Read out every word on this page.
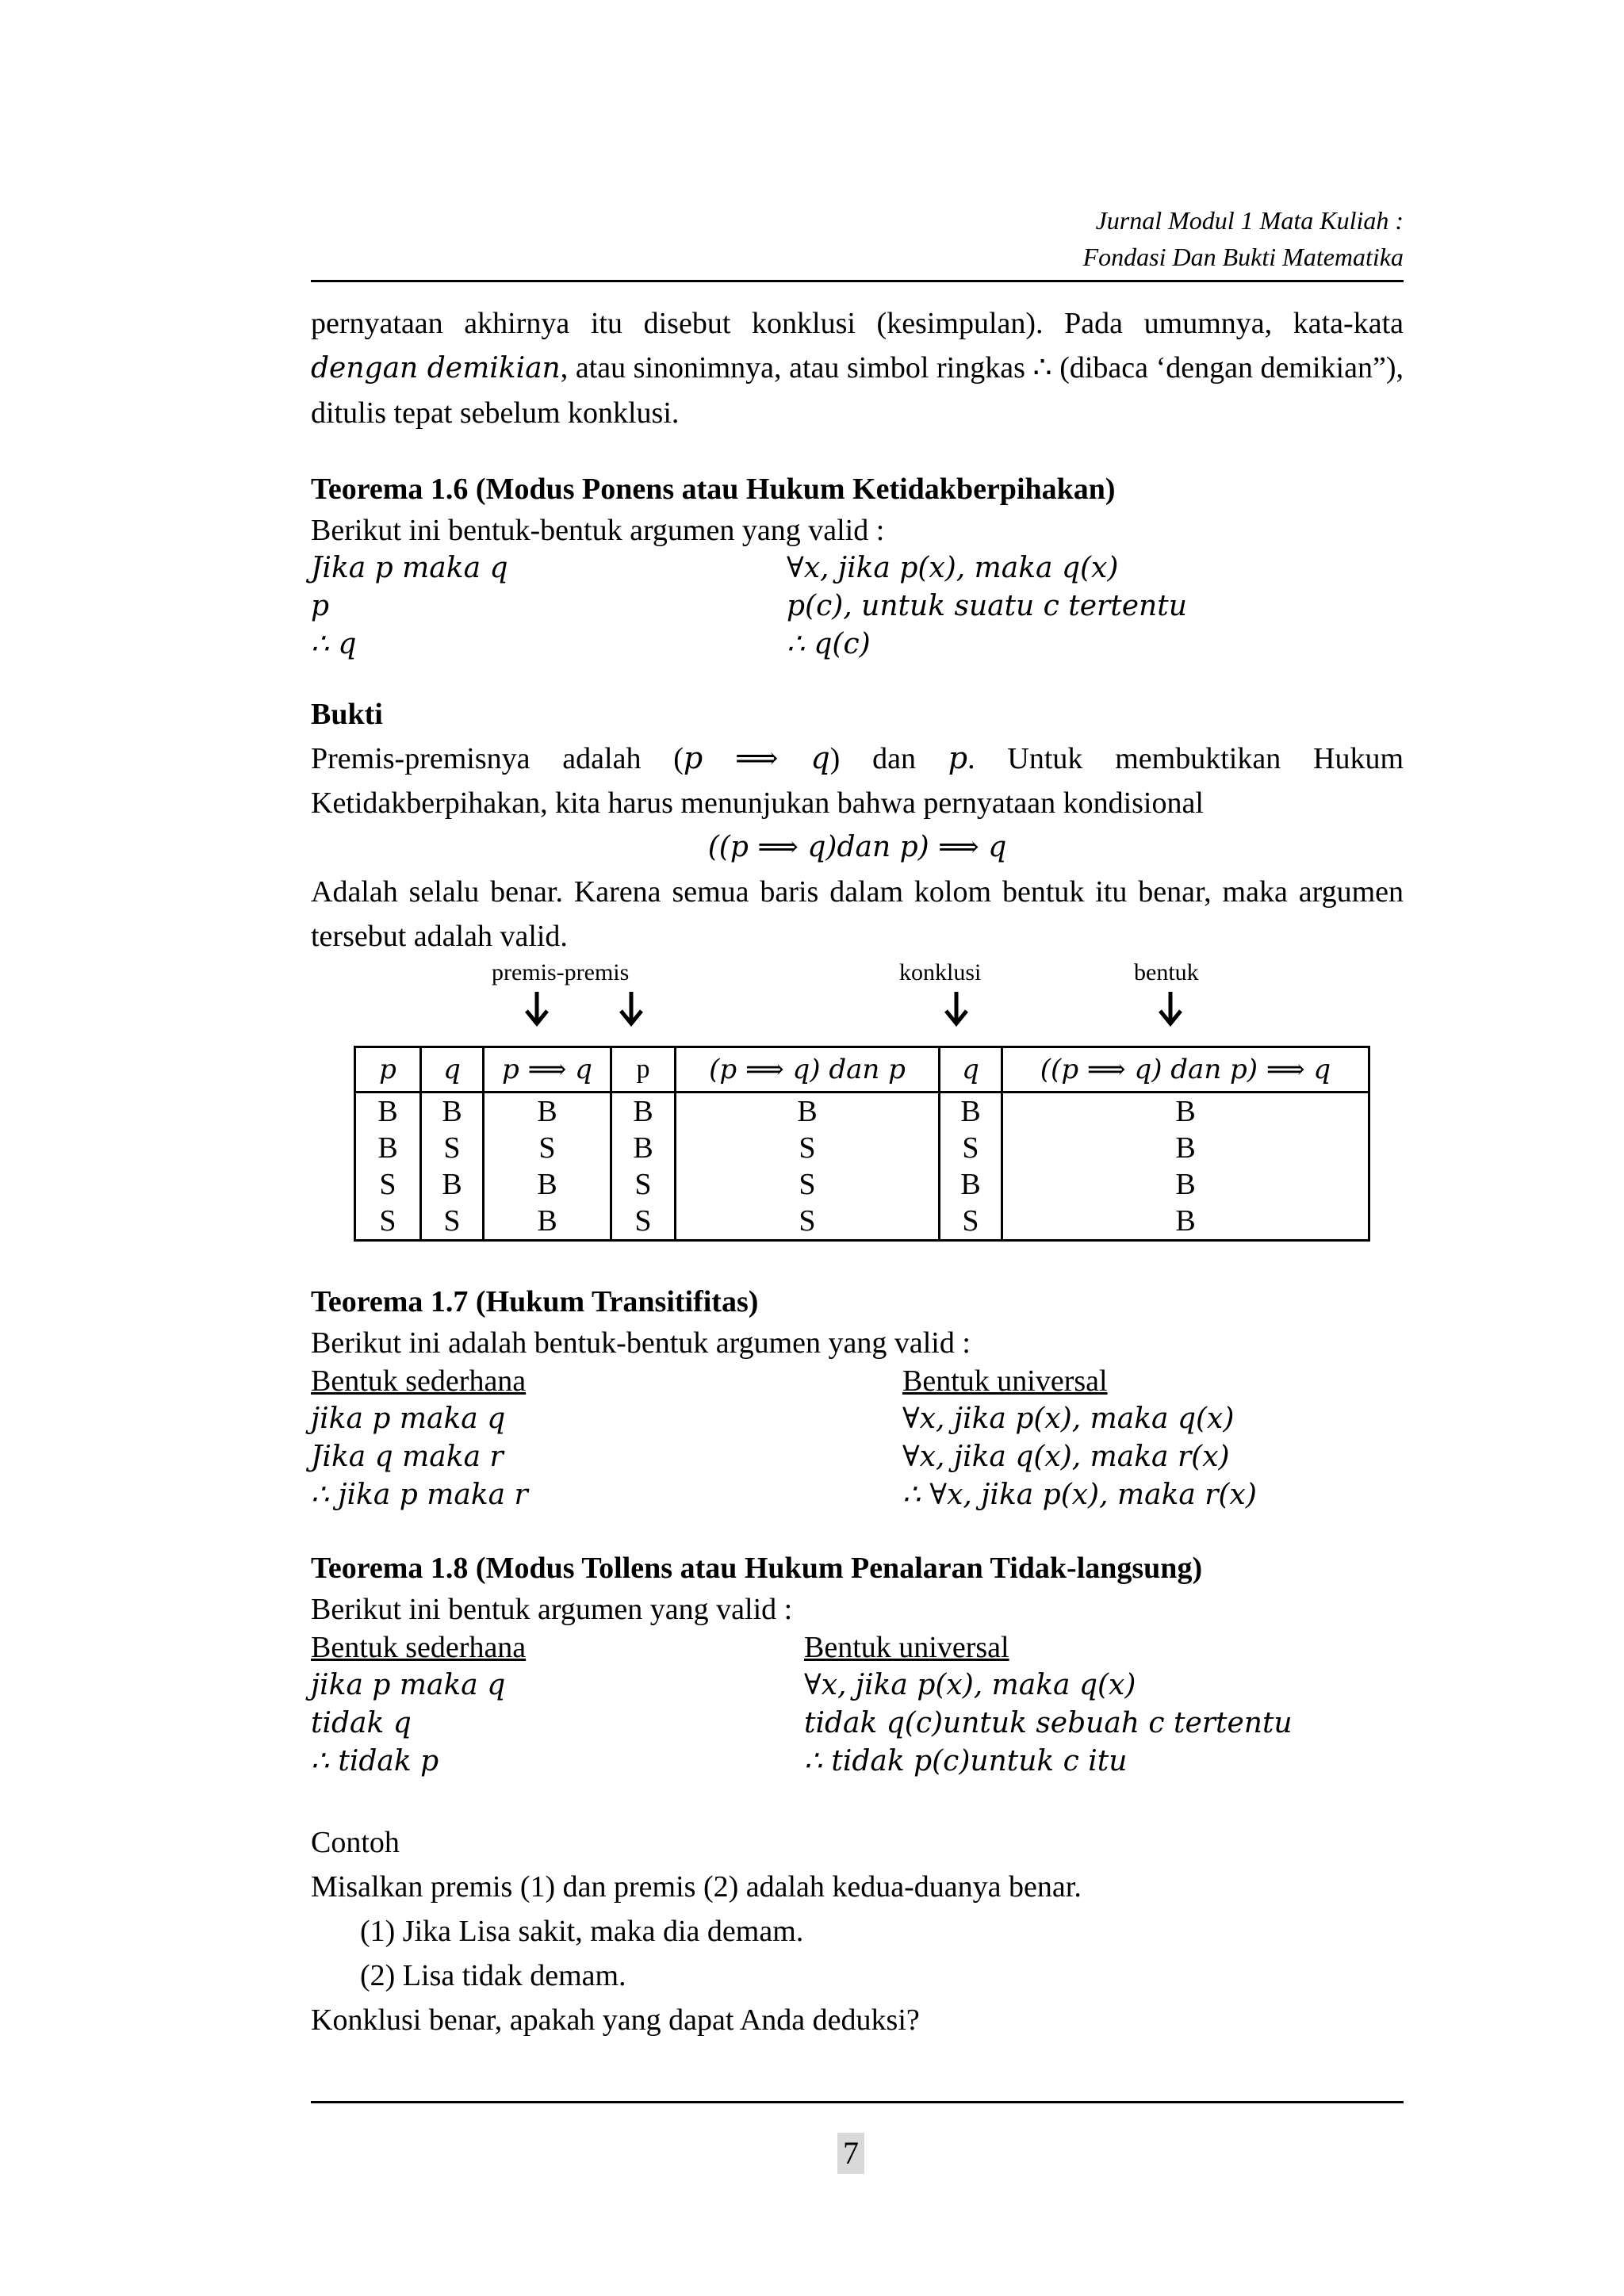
Jurnal Modul 1 Mata Kuliah :
Fondasi Dan Bukti Matematika

pernyataan akhirnya itu disebut konklusi (kesimpulan). Pada umumnya, kata-kata dengan demikian, atau sinonimnya, atau simbol ringkas ∴ (dibaca ‘dengan demikian”), ditulis tepat sebelum konklusi.

Teorema 1.6 (Modus Ponens atau Hukum Ketidakberpihakan)
Berikut ini bentuk-bentuk argumen yang valid :
Jika 𝑝 maka 𝑞	∀𝑥, 𝑗𝑖𝑘𝑎 𝑝(𝑥), 𝑚𝑎𝑘𝑎 𝑞(𝑥)
𝑝	𝑝(𝑐), 𝑢𝑛𝑡𝑢𝑘 𝑠𝑢𝑎𝑡𝑢 𝑐 𝑡𝑒𝑟𝑡𝑒𝑛𝑡𝑢
∴ 𝑞	∴ 𝑞(𝑐)
Bukti

Premis-premisnya adalah (𝑝 ⟹ 𝑞) dan 𝑝. Untuk membuktikan Hukum Ketidakberpihakan, kita harus menunjukan bahwa pernyataan kondisional

((𝑝 ⟹ 𝑞)𝑑𝑎𝑛 𝑝) ⟹ 𝑞

Adalah selalu benar. Karena semua baris dalam kolom bentuk itu benar, maka argumen tersebut adalah valid.

premis-premis	konklusi	bentuk
𝑝	𝑞	𝑝 ⟹ 𝑞	p	(𝑝 ⟹ 𝑞) 𝑑𝑎𝑛 𝑝	𝑞	((𝑝 ⟹ 𝑞) 𝑑𝑎𝑛 𝑝) ⟹ 𝑞
B	B	B	B	B	B	B
B	S	S	B	S	S	B
S	B	B	S	S	B	B
S	S	B	S	S	S	B
Teorema 1.7 (Hukum Transitifitas)
Berikut ini adalah bentuk-bentuk argumen yang valid :
Bentuk sederhana	Bentuk universal
𝑗𝑖𝑘𝑎 𝑝 𝑚𝑎𝑘𝑎 𝑞	∀𝑥, 𝑗𝑖𝑘𝑎 𝑝(𝑥), 𝑚𝑎𝑘𝑎 𝑞(𝑥)
𝐽𝑖𝑘𝑎 𝑞 𝑚𝑎𝑘𝑎 𝑟	∀𝑥, 𝑗𝑖𝑘𝑎 𝑞(𝑥), 𝑚𝑎𝑘𝑎 𝑟(𝑥)
∴ 𝑗𝑖𝑘𝑎 𝑝 𝑚𝑎𝑘𝑎 𝑟	∴ ∀𝑥, 𝑗𝑖𝑘𝑎 𝑝(𝑥), 𝑚𝑎𝑘𝑎 𝑟(𝑥)
Teorema 1.8 (Modus Tollens atau Hukum Penalaran Tidak-langsung)
Berikut ini bentuk argumen yang valid :
Bentuk sederhana	Bentuk universal
𝑗𝑖𝑘𝑎 𝑝 𝑚𝑎𝑘𝑎 𝑞	∀𝑥, 𝑗𝑖𝑘𝑎 𝑝(𝑥), 𝑚𝑎𝑘𝑎 𝑞(𝑥)
𝑡𝑖𝑑𝑎𝑘 𝑞	𝑡𝑖𝑑𝑎𝑘 𝑞(𝑐)𝑢𝑛𝑡𝑢𝑘 𝑠𝑒𝑏𝑢𝑎ℎ 𝑐 𝑡𝑒𝑟𝑡𝑒𝑛𝑡𝑢
∴ 𝑡𝑖𝑑𝑎𝑘 𝑝	∴ 𝑡𝑖𝑑𝑎𝑘 𝑝(𝑐)𝑢𝑛𝑡𝑢𝑘 𝑐 𝑖𝑡𝑢
Contoh
Misalkan premis (1) dan premis (2) adalah kedua-duanya benar.
(1) Jika Lisa sakit, maka dia demam.
(2) Lisa tidak demam.
Konklusi benar, apakah yang dapat Anda deduksi?
7
